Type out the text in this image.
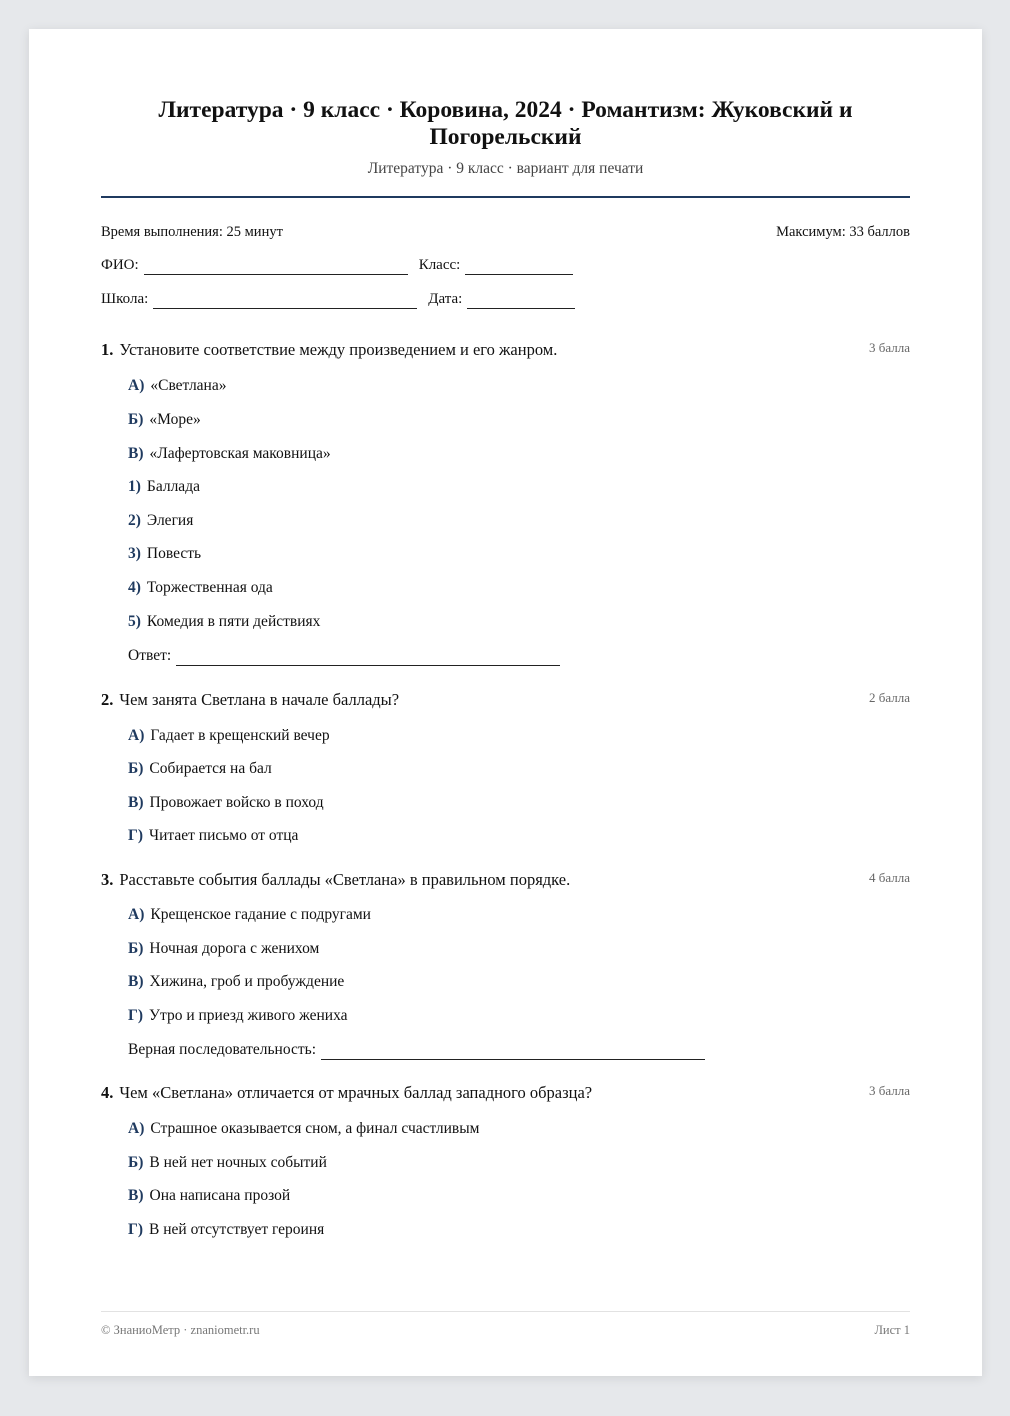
Литература · 9 класс · Коровина, 2024 · Романтизм: Жуковский и Погорельский
Литература · 9 класс · вариант для печати
Время выполнения: 25 минут	Максимум: 33 баллов
ФИО:	Класс:
Школа:	Дата:
1. Установите соответствие между произведением и его жанром.	3 балла
А) «Светлана»
Б) «Море»
В) «Лафертовская маковница»
1) Баллада
2) Элегия
3) Повесть
4) Торжественная ода
5) Комедия в пяти действиях
Ответ:
2. Чем занята Светлана в начале баллады?	2 балла
А) Гадает в крещенский вечер
Б) Собирается на бал
В) Провожает войско в поход
Г) Читает письмо от отца
3. Расставьте события баллады «Светлана» в правильном порядке.	4 балла
А) Крещенское гадание с подругами
Б) Ночная дорога с женихом
В) Хижина, гроб и пробуждение
Г) Утро и приезд живого жениха
Верная последовательность:
4. Чем «Светлана» отличается от мрачных баллад западного образца?	3 балла
А) Страшное оказывается сном, а финал счастливым
Б) В ней нет ночных событий
В) Она написана прозой
Г) В ней отсутствует героиня
© ЗнаниоМетр · znaniometr.ru	Лист 1
